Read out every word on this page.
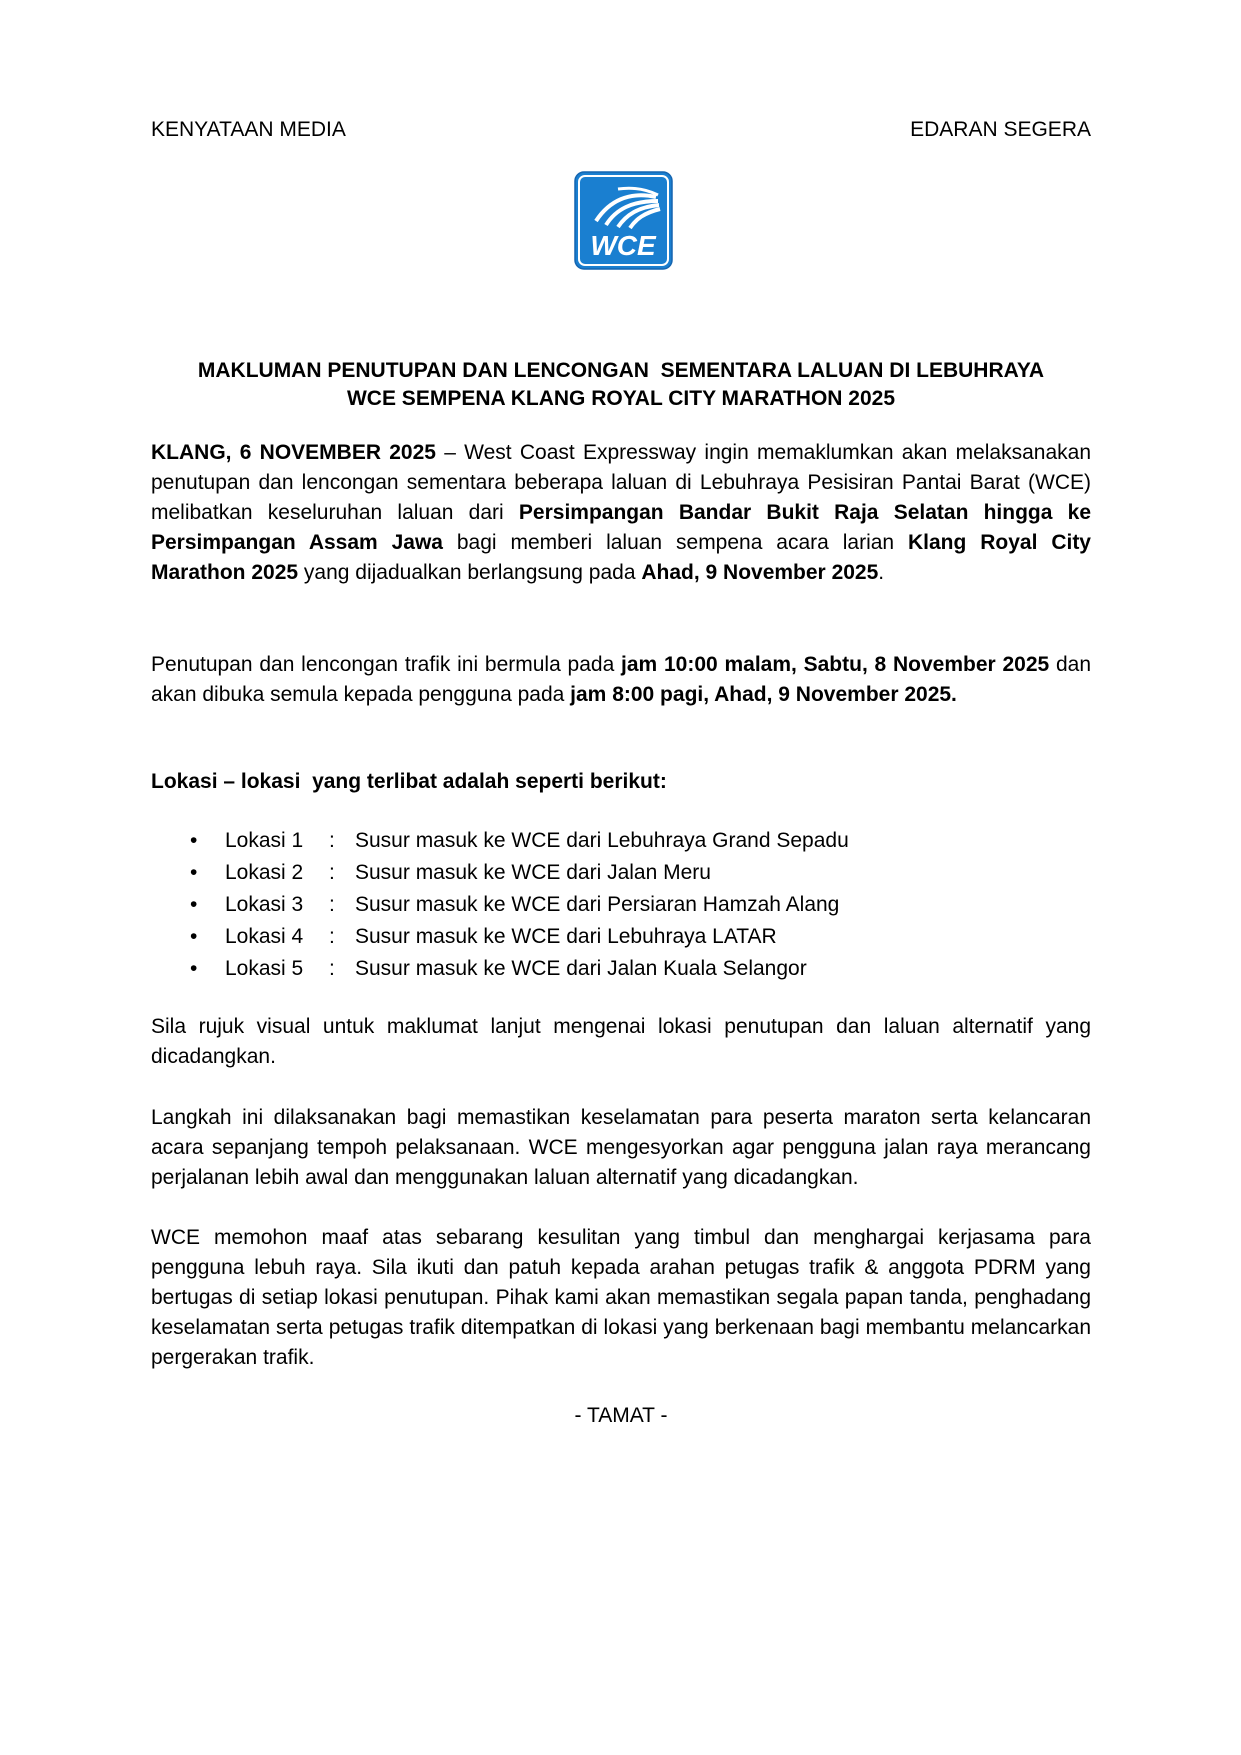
KENYATAAN MEDIA	EDARAN SEGERA
WCE
MAKLUMAN PENUTUPAN DAN LENCONGAN  SEMENTARA LALUAN DI LEBUHRAYA
WCE SEMPENA KLANG ROYAL CITY MARATHON 2025
KLANG, 6 NOVEMBER 2025 – West Coast Expressway ingin memaklumkan akan melaksanakan penutupan dan lencongan sementara beberapa laluan di Lebuhraya Pesisiran Pantai Barat (WCE) melibatkan keseluruhan laluan dari Persimpangan Bandar Bukit Raja Selatan hingga ke Persimpangan Assam Jawa bagi memberi laluan sempena acara larian Klang Royal City Marathon 2025 yang dijadualkan berlangsung pada Ahad, 9 November 2025.
Penutupan dan lencongan trafik ini bermula pada jam 10:00 malam, Sabtu, 8 November 2025 dan akan dibuka semula kepada pengguna pada jam 8:00 pagi, Ahad, 9 November 2025.
Lokasi – lokasi  yang terlibat adalah seperti berikut:
• Lokasi 1 : Susur masuk ke WCE dari Lebuhraya Grand Sepadu
• Lokasi 2 : Susur masuk ke WCE dari Jalan Meru
• Lokasi 3 : Susur masuk ke WCE dari Persiaran Hamzah Alang
• Lokasi 4 : Susur masuk ke WCE dari Lebuhraya LATAR
• Lokasi 5 : Susur masuk ke WCE dari Jalan Kuala Selangor
Sila rujuk visual untuk maklumat lanjut mengenai lokasi penutupan dan laluan alternatif yang dicadangkan.
Langkah ini dilaksanakan bagi memastikan keselamatan para peserta maraton serta kelancaran acara sepanjang tempoh pelaksanaan. WCE mengesyorkan agar pengguna jalan raya merancang perjalanan lebih awal dan menggunakan laluan alternatif yang dicadangkan.
WCE memohon maaf atas sebarang kesulitan yang timbul dan menghargai kerjasama para pengguna lebuh raya. Sila ikuti dan patuh kepada arahan petugas trafik & anggota PDRM yang bertugas di setiap lokasi penutupan. Pihak kami akan memastikan segala papan tanda, penghadang keselamatan serta petugas trafik ditempatkan di lokasi yang berkenaan bagi membantu melancarkan pergerakan trafik.
- TAMAT -
